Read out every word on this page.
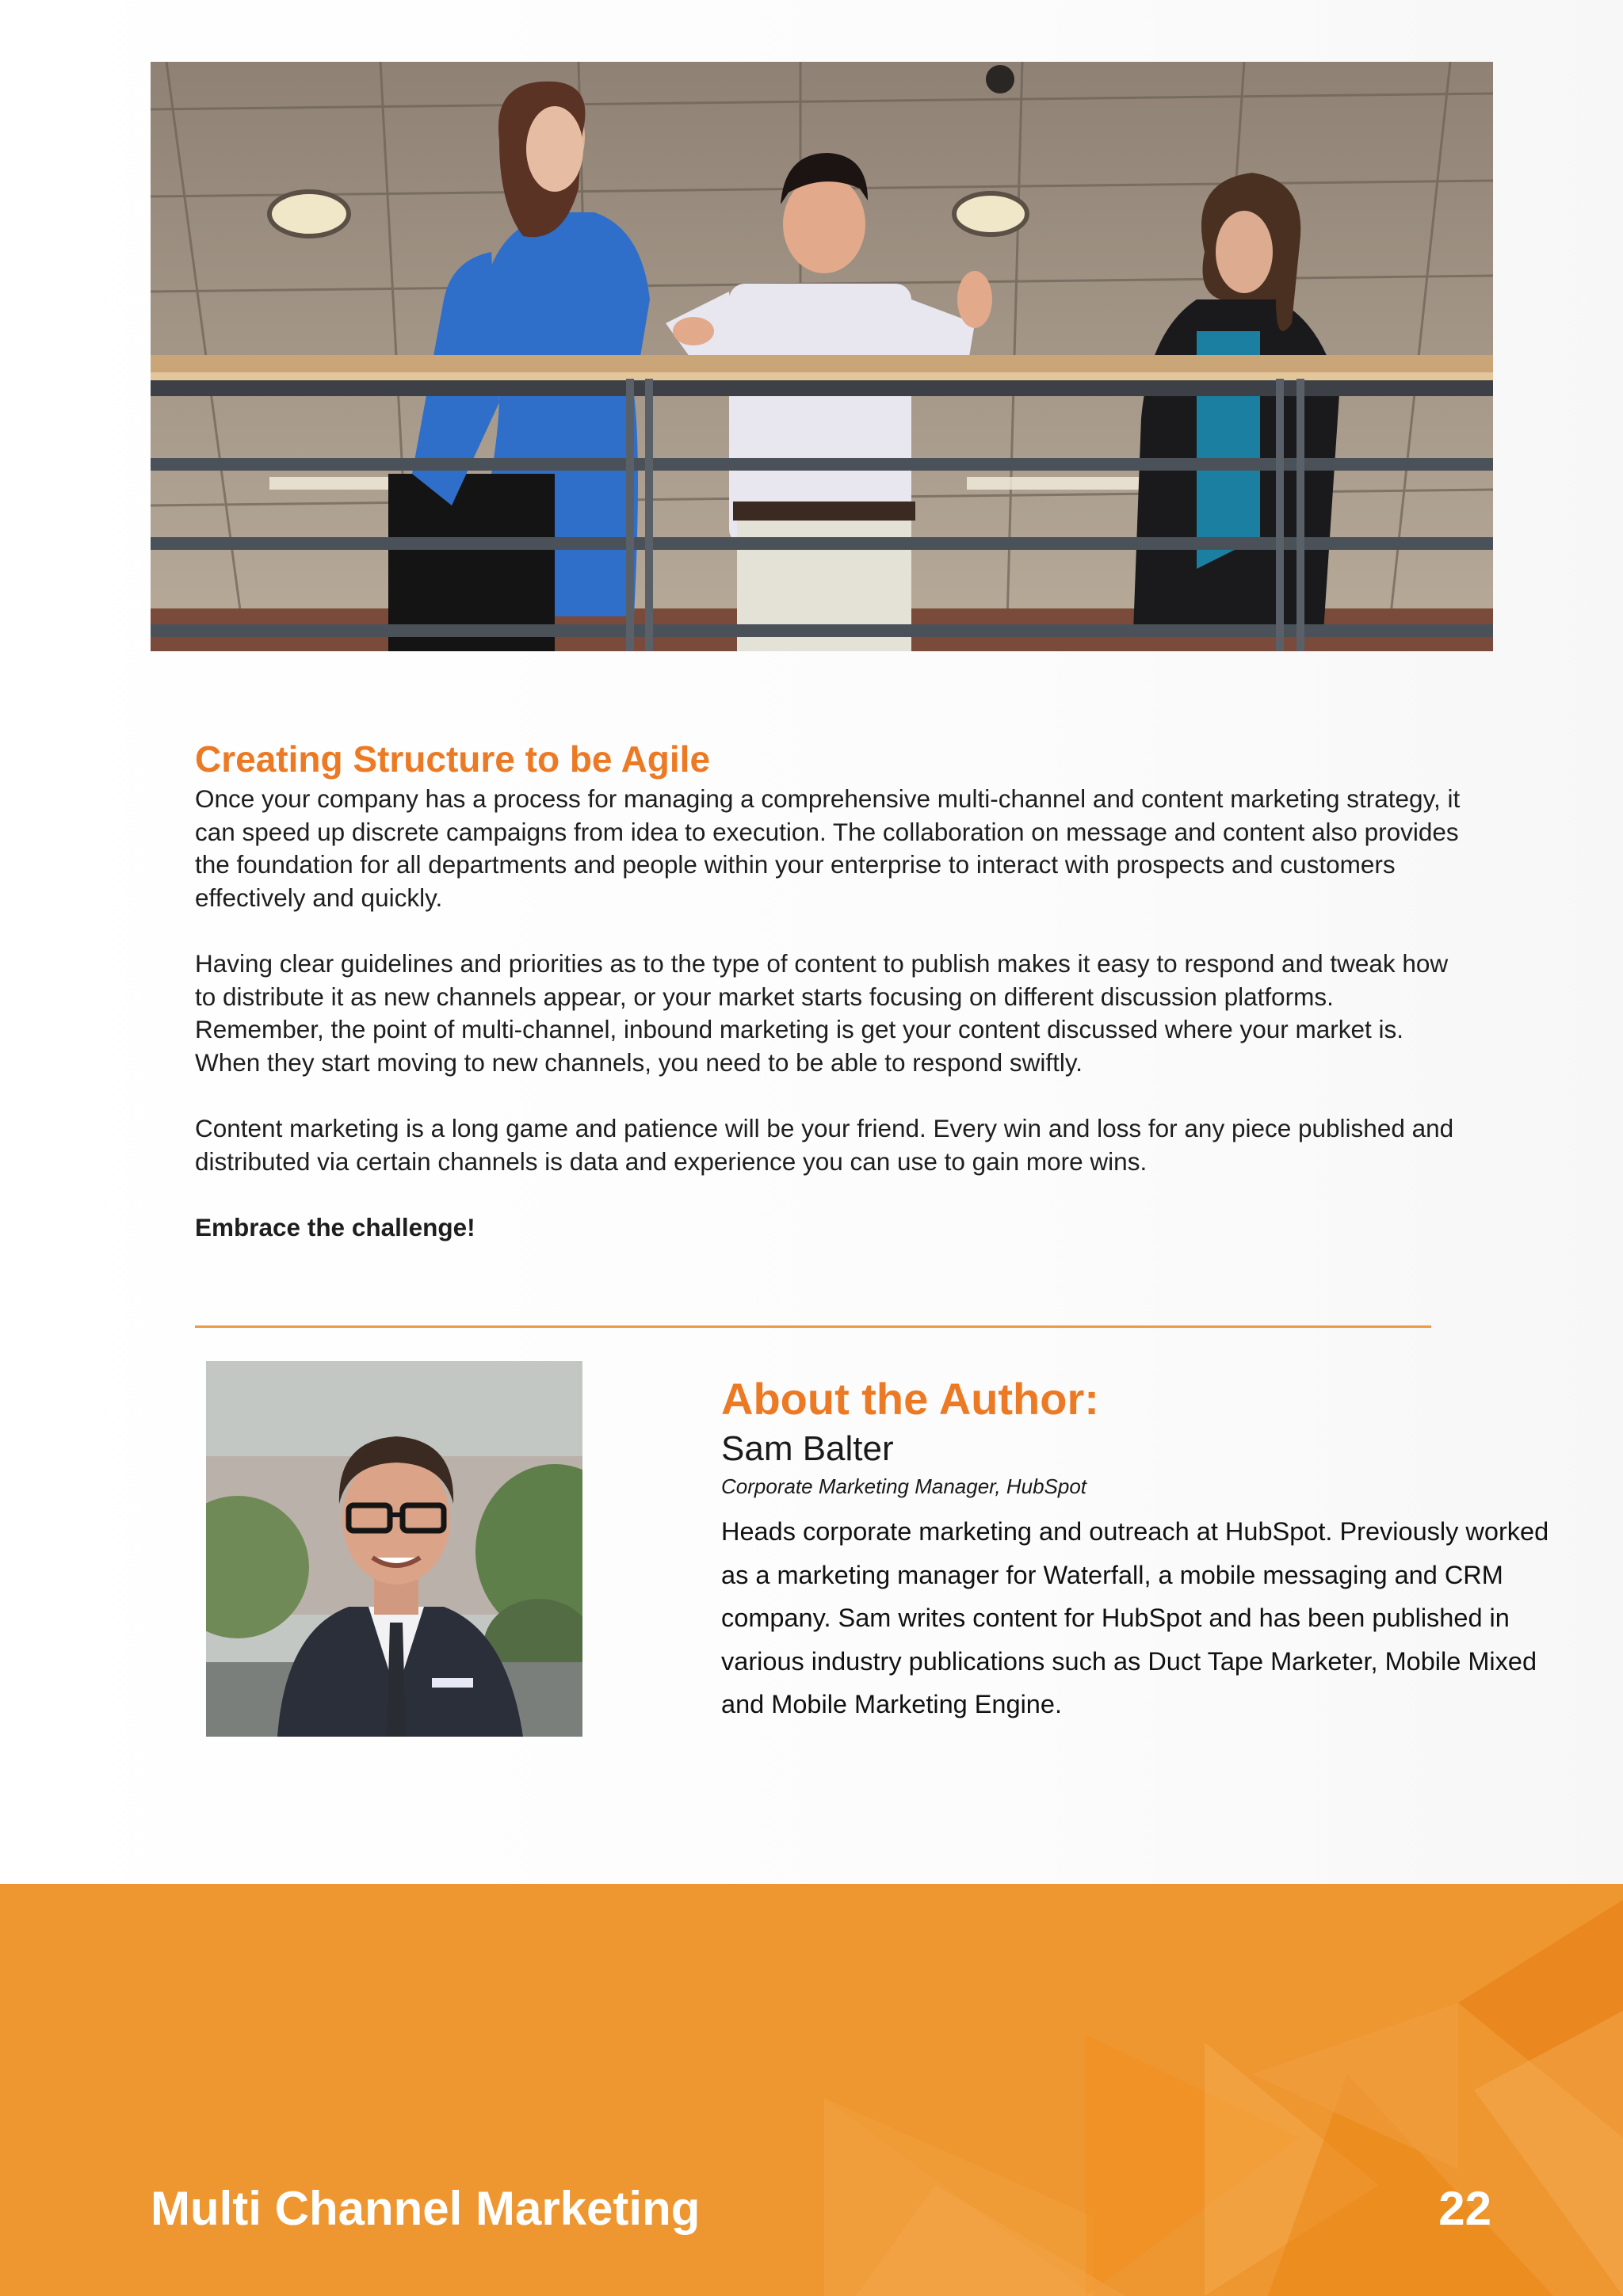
Creating Structure to be Agile

Once your company has a process for managing a comprehensive multi-channel and content marketing strategy, it can speed up discrete campaigns from idea to execution. The collaboration on message and content also provides the foundation for all departments and people within your enterprise to interact with prospects and customers effectively and quickly.

Having clear guidelines and priorities as to the type of content to publish makes it easy to respond and tweak how to distribute it as new channels appear, or your market starts focusing on different discussion platforms. Remember, the point of multi-channel, inbound marketing is get your content discussed where your market is. When they start moving to new channels, you need to be able to respond swiftly.

Content marketing is a long game and patience will be your friend. Every win and loss for any piece published and distributed via certain channels is data and experience you can use to gain more wins.

Embrace the challenge!

About the Author:
Sam Balter
Corporate Marketing Manager, HubSpot
Heads corporate marketing and outreach at HubSpot. Previously worked as a marketing manager for Waterfall, a mobile messaging and CRM company. Sam writes content for HubSpot and has been published in various industry publications such as Duct Tape Marketer, Mobile Mixed and Mobile Marketing Engine.
Multi Channel Marketing	22
